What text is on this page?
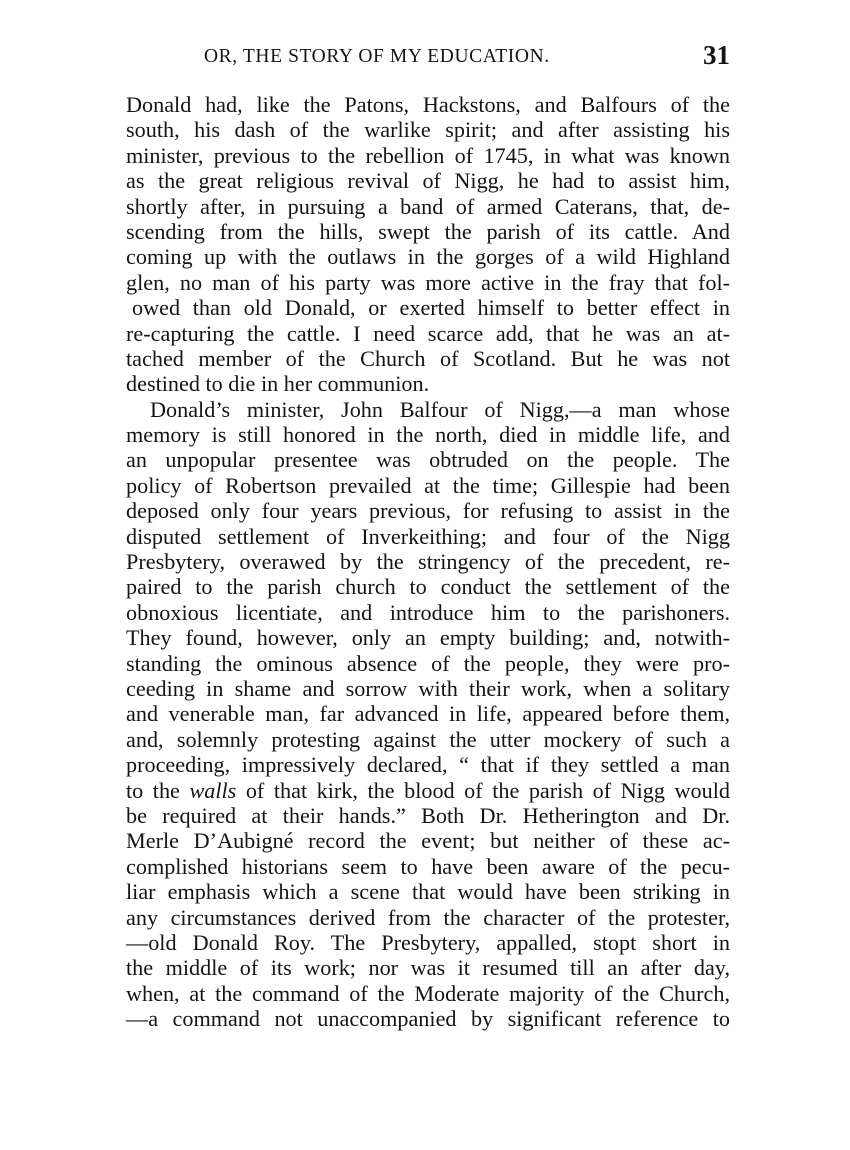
OR, THE STORY OF MY EDUCATION.	31
Donald had, like the Patons, Hackstons, and Balfours of the
south, his dash of the warlike spirit; and after assisting his
minister, previous to the rebellion of 1745, in what was known
as the great religious revival of Nigg, he had to assist him,
shortly after, in pursuing a band of armed Caterans, that, de-
scending from the hills, swept the parish of its cattle. And
coming up with the outlaws in the gorges of a wild Highland
glen, no man of his party was more active in the fray that fol-
owed than old Donald, or exerted himself to better effect in
re-capturing the cattle. I need scarce add, that he was an at-
tached member of the Church of Scotland. But he was not
destined to die in her communion.
Donald’s minister, John Balfour of Nigg,—a man whose
memory is still honored in the north, died in middle life, and
an unpopular presentee was obtruded on the people. The
policy of Robertson prevailed at the time; Gillespie had been
deposed only four years previous, for refusing to assist in the
disputed settlement of Inverkeithing; and four of the Nigg
Presbytery, overawed by the stringency of the precedent, re-
paired to the parish church to conduct the settlement of the
obnoxious licentiate, and introduce him to the parishoners.
They found, however, only an empty building; and, notwith-
standing the ominous absence of the people, they were pro-
ceeding in shame and sorrow with their work, when a solitary
and venerable man, far advanced in life, appeared before them,
and, solemnly protesting against the utter mockery of such a
proceeding, impressively declared, “ that if they settled a man
to the walls of that kirk, the blood of the parish of Nigg would
be required at their hands.” Both Dr. Hetherington and Dr.
Merle D’Aubigné record the event; but neither of these ac-
complished historians seem to have been aware of the pecu-
liar emphasis which a scene that would have been striking in
any circumstances derived from the character of the protester,
—old Donald Roy. The Presbytery, appalled, stopt short in
the middle of its work; nor was it resumed till an after day,
when, at the command of the Moderate majority of the Church,
—a command not unaccompanied by significant reference to
